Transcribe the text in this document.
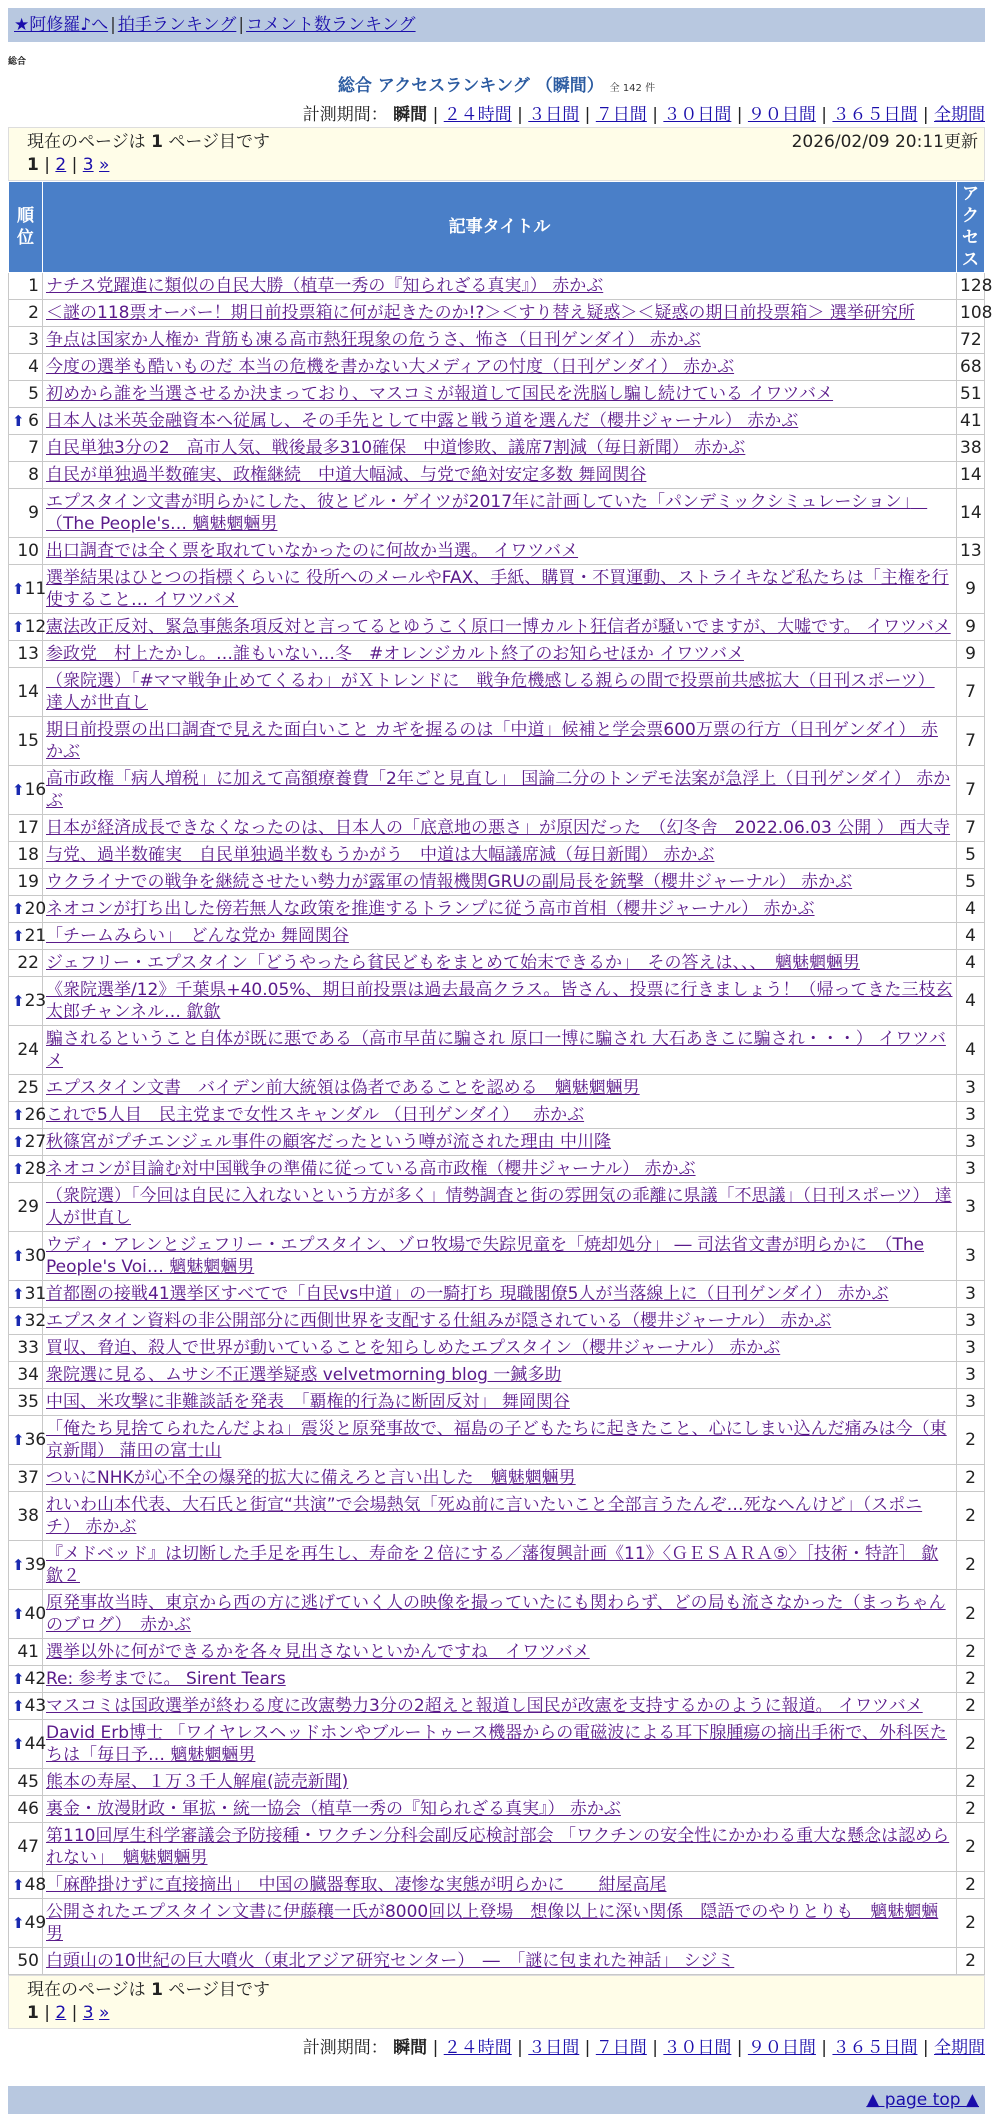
★阿修羅♪へ | 拍手ランキング | コメント数ランキング
総合
総合 アクセスランキング （瞬間） 全 142 件
計測期間： 瞬間 | ２４時間 | ３日間 | ７日間 | ３０日間 | ９０日間 | ３６５日間 | 全期間
現在のページは 1 ページ目です	2026/02/09 20:11更新
1 | 2 | 3 »
順位	記事タイトル	アクセス
1	ナチス党躍進に類似の自民大勝（植草一秀の『知られざる真実』） 赤かぶ	128
2	＜謎の118票オーバー！期日前投票箱に何が起きたのか!?＞＜すり替え疑惑＞＜疑惑の期日前投票箱＞ 選挙研究所	108
3	争点は国家か人権か 背筋も凍る高市熱狂現象の危うさ、怖さ（日刊ゲンダイ） 赤かぶ	72
4	今度の選挙も酷いものだ 本当の危機を書かない大メディアの忖度（日刊ゲンダイ） 赤かぶ	68
5	初めから誰を当選させるか決まっており、マスコミが報道して国民を洗脳し騙し続けている イワツバメ	51

⬆ 6	日本人は米英金融資本へ従属し、その手先として中露と戦う道を選んだ（櫻井ジャーナル） 赤かぶ	41
7	自民単独3分の2　高市人気、戦後最多310確保　中道惨敗、議席7割減（毎日新聞） 赤かぶ	38
8	自民が単独過半数確実、政権継続　中道大幅減、与党で絶対安定多数 舞岡関谷	14
9	エプスタイン文書が明らかにした、彼とビル・ゲイツが2017年に計画していた「パンデミックシミュレーション」　（The People's… 魑魅魍魎男	14
10	出口調査では全く票を取れていなかったのに何故か当選。 イワツバメ	13

⬆ 11	選挙結果はひとつの指標くらいに 役所へのメールやFAX、手紙、購買・不買運動、ストライキなど私たちは「主権を行使すること… イワツバメ	9

⬆ 12	憲法改正反対、緊急事態条項反対と言ってるとゆうこく原口一博カルト狂信者が騒いでますが、大嘘です。 イワツバメ	9
13	参政党　村上たかし。…誰もいない…冬　#オレンジカルト終了のお知らせほか イワツバメ	9
14	（衆院選）「#ママ戦争止めてくるわ」がＸトレンドに　戦争危機感しる親らの間で投票前共感拡大（日刊スポーツ） 達人が世直し	7
15	期日前投票の出口調査で見えた面白いこと カギを握るのは「中道」候補と学会票600万票の行方（日刊ゲンダイ） 赤かぶ	7

⬆ 16	高市政権「病人増税」に加えて高額療養費「2年ごと見直し」 国論二分のトンデモ法案が急浮上（日刊ゲンダイ） 赤かぶ	7
17	日本が経済成長できなくなったのは、日本人の「底意地の悪さ」が原因だった　（幻冬舎　2022.06.03 公開 ） 西大寺	7
18	与党、過半数確実　自民単独過半数もうかがう　中道は大幅議席減（毎日新聞） 赤かぶ	5
19	ウクライナでの戦争を継続させたい勢力が露軍の情報機関GRUの副局長を銃撃（櫻井ジャーナル） 赤かぶ	5

⬆ 20	ネオコンが打ち出した傍若無人な政策を推進するトランプに従う高市首相（櫻井ジャーナル） 赤かぶ	4

⬆ 21	「チームみらい」　どんな党か 舞岡関谷	4
22	ジェフリー・エプスタイン「どうやったら貧民どもをまとめて始末できるか」　その答えは、、、　魑魅魍魎男	4

⬆ 23	《衆院選挙/12》千葉県+40.05%、期日前投票は過去最高クラス。皆さん、投票に行きましょう！（帰ってきた三枝玄太郎チャンネル… 歙歙	4
24	騙されるということ自体が既に悪である（高市早苗に騙され 原口一博に騙され 大石あきこに騙され・・・） イワツバメ	4
25	エプスタイン文書　バイデン前大統領は偽者であることを認める　魑魅魍魎男	3

⬆ 26	これで5人目　民主党まで女性スキャンダル （日刊ゲンダイ）　 赤かぶ	3

⬆ 27	秋篠宮がプチエンジェル事件の顧客だったという噂が流された理由 中川隆	3

⬆ 28	ネオコンが目論む対中国戦争の準備に従っている高市政権（櫻井ジャーナル） 赤かぶ	3
29	（衆院選）「今回は自民に入れないという方が多く」情勢調査と街の雰囲気の乖離に県議「不思議」（日刊スポーツ） 達人が世直し	3

⬆ 30	ウディ・アレンとジェフリー・エプスタイン、ゾロ牧場で失踪児童を「焼却処分」 ― 司法省文書が明らかに　（The People's Voi… 魑魅魍魎男	3

⬆ 31	首都圏の接戦41選挙区すべてで「自民vs中道」の一騎打ち 現職閣僚5人が当落線上に（日刊ゲンダイ） 赤かぶ	3

⬆ 32	エプスタイン資料の非公開部分に西側世界を支配する仕組みが隠されている（櫻井ジャーナル） 赤かぶ	3
33	買収、脅迫、殺人で世界が動いていることを知らしめたエプスタイン（櫻井ジャーナル） 赤かぶ	3
34	衆院選に見る、ムサシ不正選挙疑惑 velvetmorning blog 一鍼多助	3
35	中国、米攻撃に非難談話を発表　「覇権的行為に断固反対」 舞岡関谷	3

⬆ 36	「俺たち見捨てられたんだよね」震災と原発事故で、福島の子どもたちに起きたこと、心にしまい込んだ痛みは今（東京新聞） 蒲田の富士山	2
37	ついにNHKが心不全の爆発的拡大に備えろと言い出した　魑魅魍魎男	2
38	れいわ山本代表、大石氏と街宣“共演”で会場熱気「死ぬ前に言いたいこと全部言うたんぞ…死なへんけど」（スポニチ） 赤かぶ	2

⬆ 39	『メドベッド』は切断した手足を再生し、寿命を２倍にする／藩復興計画《11》〈ＧＥＳＡＲＡ⑤〉［技術・特許］ 歙歙２	2

⬆ 40	原発事故当時、東京から西の方に逃げていく人の映像を撮っていたにも関わらず、どの局も流さなかった（まっちゃんのブログ）　赤かぶ	2
41	選挙以外に何ができるかを各々見出さないといかんですね　イワツバメ	2

⬆ 42	Re: 参考までに。 Sirent Tears	2

⬆ 43	マスコミは国政選挙が終わる度に改憲勢力3分の2超えと報道し国民が改憲を支持するかのように報道。 イワツバメ	2

⬆ 44	David Erb博士 「ワイヤレスヘッドホンやブルートゥース機器からの電磁波による耳下腺腫瘍の摘出手術で、外科医たちは「毎日予… 魑魅魍魎男	2
45	熊本の寿屋、１万３千人解雇(読売新聞)	2
46	裏金・放漫財政・軍拡・統一協会（植草一秀の『知られざる真実』） 赤かぶ	2
47	第110回厚生科学審議会予防接種・ワクチン分科会副反応検討部会 「ワクチンの安全性にかかわる重大な懸念は認められない」　魑魅魍魎男	2

⬆ 48	「麻酔掛けずに直接摘出」　中国の臓器奪取、凄惨な実態が明らかに　　紺屋高尾	2

⬆ 49	公開されたエプスタイン文書に伊藤穰一氏が8000回以上登場　想像以上に深い関係　隠語でのやりとりも　魑魅魍魎男	2
50	白頭山の10世紀の巨大噴火（東北アジア研究センター）　―　「謎に包まれた神話」 シジミ	2
現在のページは 1 ページ目です
1 | 2 | 3 »
計測期間： 瞬間 | ２４時間 | ３日間 | ７日間 | ３０日間 | ９０日間 | ３６５日間 | 全期間
▲ page top ▲
